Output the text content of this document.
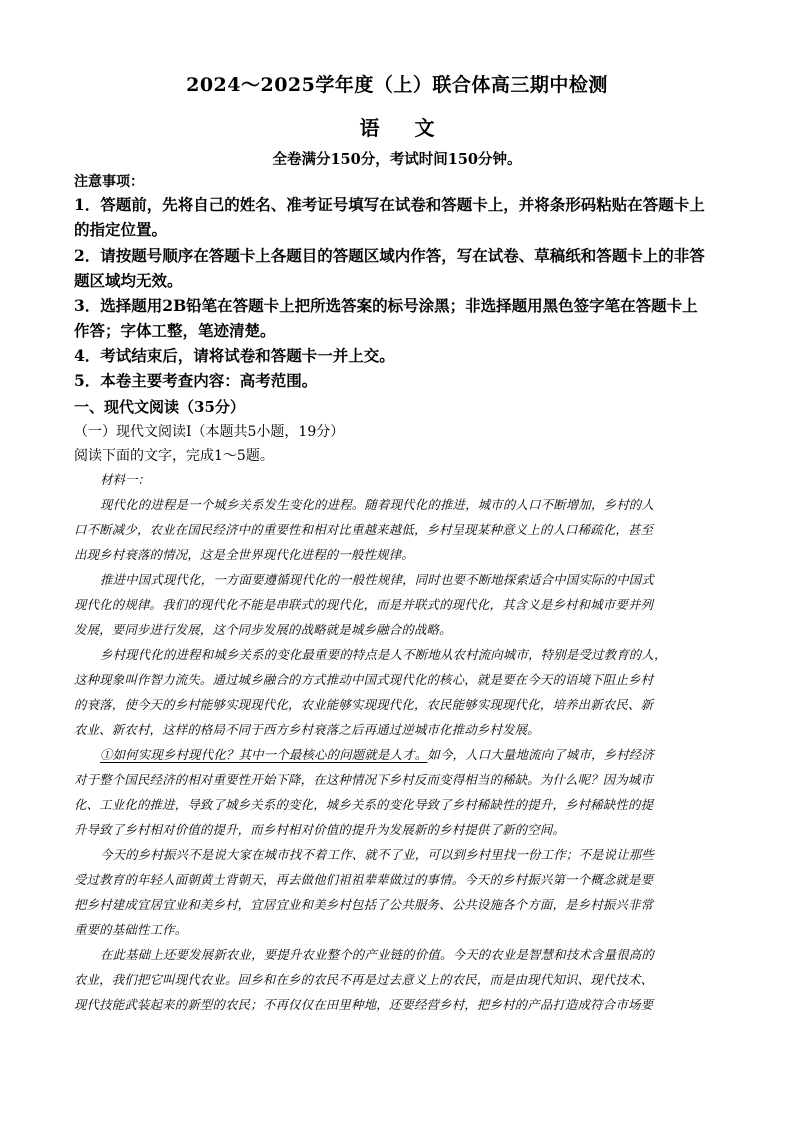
2024～2025学年度（上）联合体高三期中检测
语 文
全卷满分150分，考试时间150分钟。
注意事项：
1．答题前，先将自己的姓名、准考证号填写在试卷和答题卡上，并将条形码粘贴在答题卡上
的指定位置。
2．请按题号顺序在答题卡上各题目的答题区域内作答，写在试卷、草稿纸和答题卡上的非答
题区域均无效。
3．选择题用2B铅笔在答题卡上把所选答案的标号涂黑；非选择题用黑色签字笔在答题卡上
作答；字体工整，笔迹清楚。
4．考试结束后，请将试卷和答题卡一并上交。
5．本卷主要考查内容：高考范围。
一、现代文阅读（35分）
（一）现代文阅读Ⅰ（本题共5小题，19分）
阅读下面的文字，完成1～5题。
材料一：
现代化的进程是一个城乡关系发生变化的进程。随着现代化的推进，城市的人口不断增加，乡村的人
口不断减少，农业在国民经济中的重要性和相对比重越来越低，乡村呈现某种意义上的人口稀疏化，甚至
出现乡村衰落的情况，这是全世界现代化进程的一般性规律。
推进中国式现代化，一方面要遵循现代化的一般性规律，同时也要不断地探索适合中国实际的中国式
现代化的规律。我们的现代化不能是串联式的现代化，而是并联式的现代化，其含义是乡村和城市要并列
发展，要同步进行发展，这个同步发展的战略就是城乡融合的战略。
乡村现代化的进程和城乡关系的变化最重要的特点是人不断地从农村流向城市，特别是受过教育的人，
这种现象叫作智力流失。通过城乡融合的方式推动中国式现代化的核心，就是要在今天的语境下阻止乡村
的衰落，使今天的乡村能够实现现代化，农业能够实现现代化，农民能够实现现代化，培养出新农民、新
农业、新农村，这样的格局不同于西方乡村衰落之后再通过逆城市化推动乡村发展。
①如何实现乡村现代化？其中一个最核心的问题就是人才。如今，人口大量地流向了城市，乡村经济
对于整个国民经济的相对重要性开始下降，在这种情况下乡村反而变得相当的稀缺。为什么呢？因为城市
化、工业化的推进，导致了城乡关系的变化，城乡关系的变化导致了乡村稀缺性的提升，乡村稀缺性的提
升导致了乡村相对价值的提升，而乡村相对价值的提升为发展新的乡村提供了新的空间。
今天的乡村振兴不是说大家在城市找不着工作、就不了业，可以到乡村里找一份工作；不是说让那些
受过教育的年轻人面朝黄土背朝天，再去做他们祖祖辈辈做过的事情。今天的乡村振兴第一个概念就是要
把乡村建成宜居宜业和美乡村，宜居宜业和美乡村包括了公共服务、公共设施各个方面，是乡村振兴非常
重要的基础性工作。
在此基础上还要发展新农业，要提升农业整个的产业链的价值。今天的农业是智慧和技术含量很高的
农业，我们把它叫现代农业。回乡和在乡的农民不再是过去意义上的农民，而是由现代知识、现代技术、
现代技能武装起来的新型的农民；不再仅仅在田里种地，还要经营乡村，把乡村的产品打造成符合市场要
